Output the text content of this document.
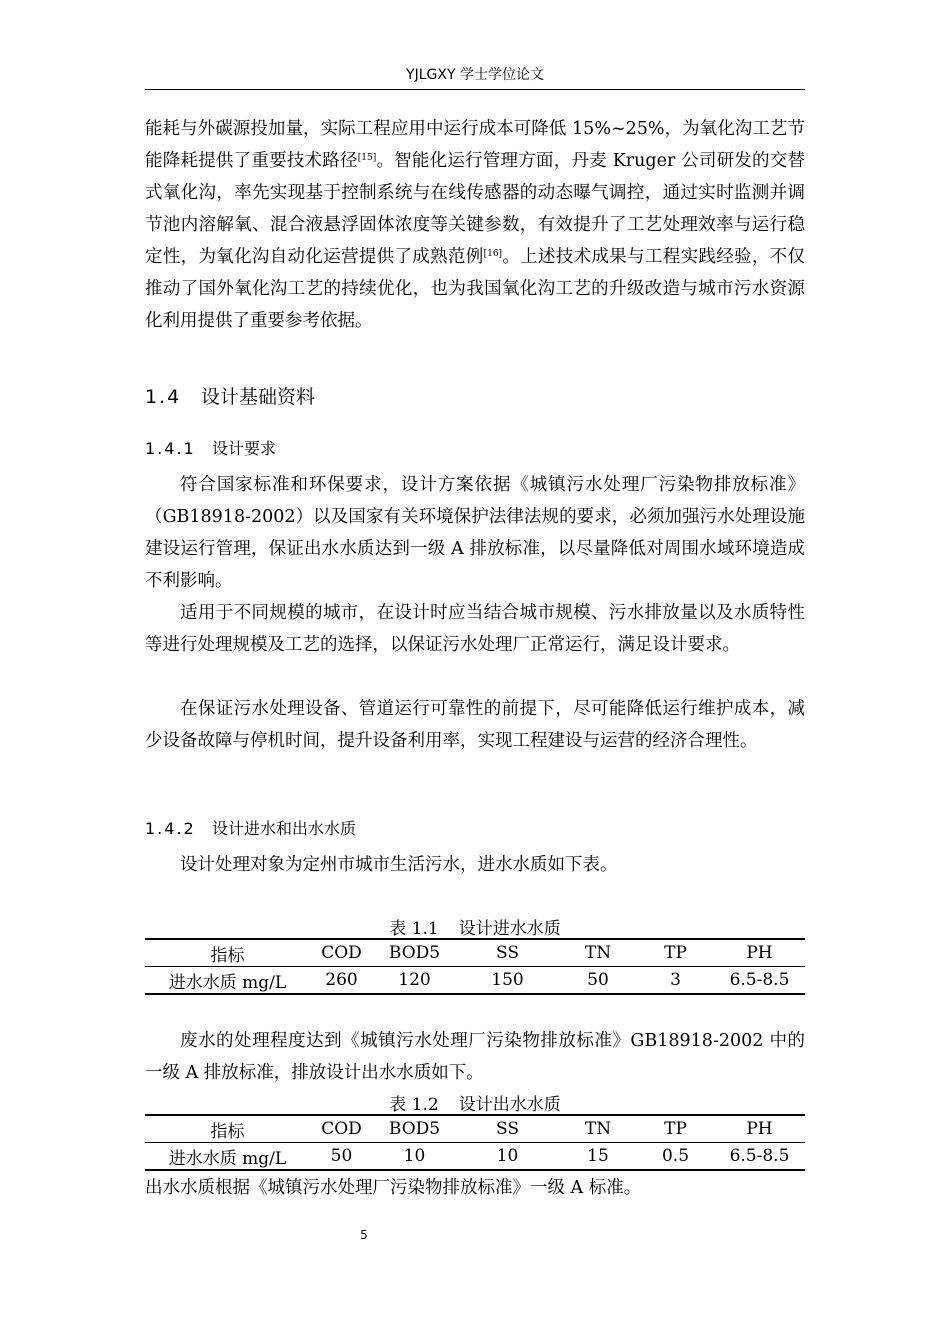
YJLGXY 学士学位论文

能耗与外碳源投加量，实际工程应用中运行成本可降低 15%~25%，为氧化沟工艺节能降耗提供了重要技术路径[15]。智能化运行管理方面，丹麦 Kruger 公司研发的交替式氧化沟，率先实现基于控制系统与在线传感器的动态曝气调控，通过实时监测并调节池内溶解氧、混合液悬浮固体浓度等关键参数，有效提升了工艺处理效率与运行稳定性，为氧化沟自动化运营提供了成熟范例[16]。上述技术成果与工程实践经验，不仅推动了国外氧化沟工艺的持续优化，也为我国氧化沟工艺的升级改造与城市污水资源化利用提供了重要参考依据。

1.4 设计基础资料
1.4.1 设计要求

符合国家标准和环保要求，设计方案依据《城镇污水处理厂污染物排放标准》（GB18918-2002）以及国家有关环境保护法律法规的要求，必须加强污水处理设施建设运行管理，保证出水水质达到一级 A 排放标准，以尽量降低对周围水域环境造成不利影响。

适用于不同规模的城市，在设计时应当结合城市规模、污水排放量以及水质特性等进行处理规模及工艺的选择，以保证污水处理厂正常运行，满足设计要求。

在保证污水处理设备、管道运行可靠性的前提下，尽可能降低运行维护成本，减少设备故障与停机时间，提升设备利用率，实现工程建设与运营的经济合理性。

1.4.2 设计进水和出水水质

设计处理对象为定州市城市生活污水，进水水质如下表。

表 1.1 设计进水水质
指标	COD	BOD5	SS	TN	TP	PH
进水水质 mg/L	260	120	150	50	3	6.5-8.5

废水的处理程度达到《城镇污水处理厂污染物排放标准》GB18918-2002 中的一级 A 排放标准，排放设计出水水质如下。

表 1.2 设计出水水质
指标	COD	BOD5	SS	TN	TP	PH
进水水质 mg/L	50	10	10	15	0.5	6.5-8.5

出水水质根据《城镇污水处理厂污染物排放标准》一级 A 标准。

5
